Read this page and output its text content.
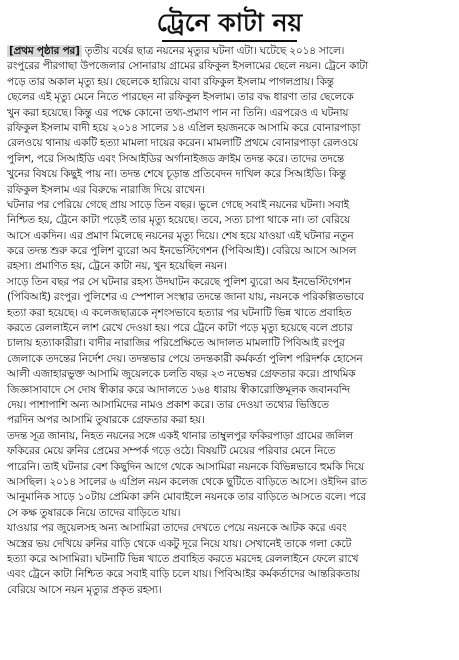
ট্রেনে কাটা নয়
[প্রথম পৃষ্ঠার পর] তৃতীয় বর্ষের ছাত্র নয়নের মৃত্যুর ঘটনা এটা। ঘটেছে ২০১৪ সালে।
রংপুরের পীরগাছা উপজেলার সোনারায় গ্রামের রফিকুল ইসলামের ছেলে নয়ন। ট্রেনে কাটা
পড়ে তার অকাল মৃত্যু হয়। ছেলেকে হারিয়ে বাবা রফিকুল ইসলাম পাগলপ্রায়। কিন্তু
ছেলের এই মৃত্যু মেনে নিতে পারছেন না রফিকুল ইসলাম। তার বদ্ধ ধারণা তার ছেলেকে
খুন করা হয়েছে। কিন্তু এর পক্ষে কোনো তথ্য-প্রমাণ পান না তিনি। এরপরেও এ ঘটনায়
রফিকুল ইসলাম বাদী হয়ে ২০১৪ সালের ১৪ এপ্রিল হয়জনকে আসামি করে বোনারপাড়া
রেলওয়ে থানায় একটি হত্যা মামলা দায়ের করেন। মামলাটি প্রথমে বোনারপাড়া রেলওয়ে
পুলিশ, পরে সিআইডি এবং সিআইডির অর্গানাইজড ক্রাইম তদন্ত করে। তাদের তদন্তে
খুনের বিষয়ে কিছুই পায় না। তদন্ত শেষে চূড়ান্ত প্রতিবেদন দাখিল করে সিআইডি। কিন্তু
রফিকুল ইসলাম এর বিরুদ্ধে নারাজি দিয়ে রাখেন।
ঘটনার পর পেরিয়ে গেছে প্রায় সাড়ে তিন বছর। ভুলে গেছে সবাই নয়নের ঘটনা। সবাই
নিশ্চিত হয়, ট্রেনে কাটা পড়েই তার মৃত্যু হয়েছে। তবে, সত্য চাপা থাকে না। তা বেরিয়ে
আসে একদিন। এর প্রমাণ মিলেছে নয়নের মৃত্যু দিয়ে। শেষ হয়ে যাওয়া এই ঘটনার নতুন
করে তদন্ত শুরু করে পুলিশ ব্যুরো অব ইনভেস্টিগেশন (পিবিআই)। বেরিয়ে আসে আসল
রহস্য। প্রমাণিত হয়, ট্রেনে কাটা নয়, খুন হয়েছিল নয়ন।
সাড়ে তিন বছর পর সে ঘটনার রহস্য উদঘাটন করেছে পুলিশ ব্যুরো অব ইনভেস্টিগেশন
(পিবিআই) রংপুর। পুলিশের এ স্পেশাল সংস্থার তদন্তে জানা যায়, নয়নকে পরিকল্পিতভাবে
হত্যা করা হয়েছে। এ কলেজছাত্রকে নৃশংসভাবে হত্যার পর ঘটনাটি ভিন্ন খাতে প্রবাহিত
করতে রেললাইনে লাশ রেখে দেওয়া হয়। পরে ট্রেনে কাটা পড়ে মৃত্যু হয়েছে বলে প্রচার
চালায় হত্যাকারীরা। বাদীর নারাজির পরিপ্রেক্ষিতে আদালত মামলাটি পিবিআই রংপুর
জেলাকে তদন্তের নির্দেশ দেয়। তদন্তভার পেয়ে তদন্তকারী কর্মকর্তা পুলিশ পরিদর্শক হোসেন
আলী এজাহারভুক্ত আসামি জুয়েলকে চলতি বছর ২৩ নভেম্বর গ্রেফতার করে। প্রাথমিক
জিজ্ঞাসাবাদে সে দোষ স্বীকার করে আদালতে ১৬৪ ধারায় স্বীকারোক্তিমূলক জবানবন্দি
দেয়। পাশাপাশি অন্য আসামিদের নামও প্রকাশ করে। তার দেওয়া তথ্যের ভিত্তিতে
পরদিন অপর আসামি তুষারকে গ্রেফতার করা হয়।
তদন্ত সূত্র জানায়, নিহত নয়নের সঙ্গে একই থানার তাম্বুলপুর ফকিরপাড়া গ্রামের জলিল
ফকিরের মেয়ে রুনির প্রেমের সম্পর্ক গড়ে ওঠে। বিষয়টি মেয়ের পরিবার মেনে নিতে
পারেনি। তাই ঘটনার বেশ কিছুদিন আগে থেকে আসামিরা নয়নকে বিভিন্নভাবে হুমকি দিয়ে
আসছিল। ২০১৪ সালের ৬ এপ্রিল নয়ন কলেজ থেকে ছুটিতে বাড়িতে আসে। ওইদিন রাত
আনুমানিক সাড়ে ১০টায় প্রেমিকা রুনি মোবাইলে নয়নকে তার বাড়িতে আসতে বলে। পরে
সে কক্ষ তুষারকে নিয়ে তাদের বাড়িতে যায়।
যাওয়ার পর জুয়েলসহ অন্য আসামিরা তাদের দেখতে পেয়ে নয়নকে আটক করে এবং
অস্ত্রের ভয় দেখিয়ে রুনির বাড়ি থেকে একটু দূরে নিয়ে যায়। সেখানেই তাকে গলা কেটে
হত্যা করে আসামিরা। ঘটনাটি ভিন্ন খাতে প্রবাহিত করতে মরদেহ রেললাইনে ফেলে রাখে
এবং ট্রেনে কাটা নিশ্চিত করে সবাই বাড়ি চলে যায়। পিবিআইর কর্মকর্তাদের আন্তরিকতায়
বেরিয়ে আসে নয়ন মৃত্যুর প্রকৃত রহস্য।
